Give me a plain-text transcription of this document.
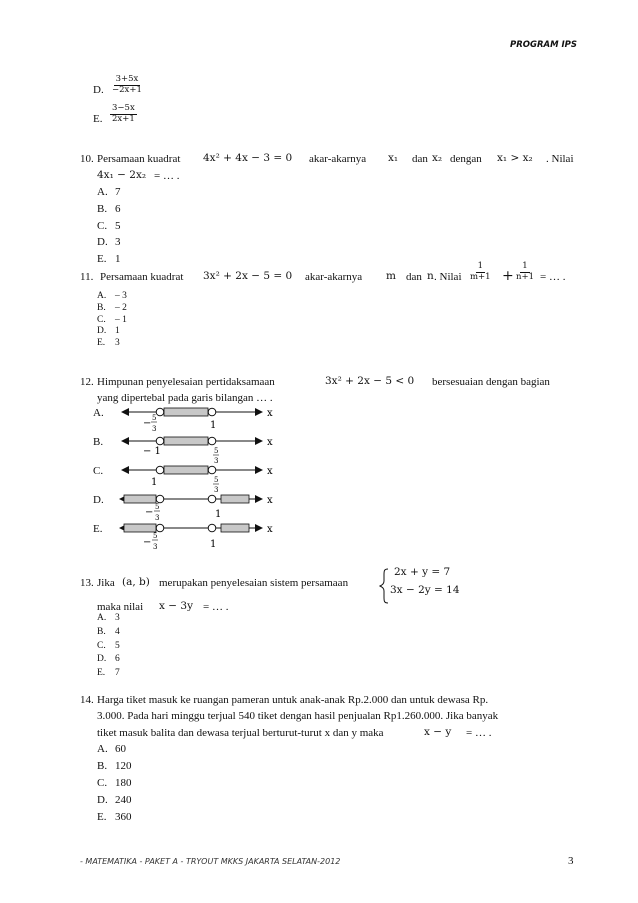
PROGRAM IPS
D. $\frac{3+5x}{-2x+1}$
E. $\frac{3-5x}{2x+1}$
10. Persamaan kuadrat 4x² + 4x − 3 = 0 akar-akarnya x₁ dan x₂ dengan x₁ > x₂ . Nilai
4x₁ − 2x₂ = … .
A. 7
B. 6
C. 5
D. 3
E. 1
11. Persamaan kuadrat 3x² + 2x − 5 = 0 akar-akarnya m dan n . Nilai $\frac{1}{m+1} + \frac{1}{n+1}$ = … .
A. – 3
B. – 2
C. – 1
D. 1
E. 3
12. Himpunan penyelesaian pertidaksamaan	3x² + 2x − 5 < 0 bersesuaian dengan bagian
yang dipertebal pada garis bilangan … .
A.
B.
C.
D.
E.
− 5
3	1
x
− 1	5
3
x
1	5
3
x
− 5
3	1
x
−
5
3	1
x
13. Jika (a, b) merupakan penyelesaian sistem persamaan
2x + y = 7
3x − 2y = 14
maka nilai x − 3y = … .
A. 3
B. 4
C. 5
D. 6
E. 7
14. Harga tiket masuk ke ruangan pameran untuk anak-anak Rp.2.000 dan untuk dewasa Rp.
3.000. Pada hari minggu terjual 540 tiket dengan hasil penjualan Rp1.260.000. Jika banyak
tiket masuk balita dan dewasa terjual berturut-turut x dan y maka	x − y = … .
A. 60
B. 120
C. 180
D. 240
E. 360
- MATEMATIKA - PAKET A - TRYOUT MKKS JAKARTA SELATAN-2012	3
